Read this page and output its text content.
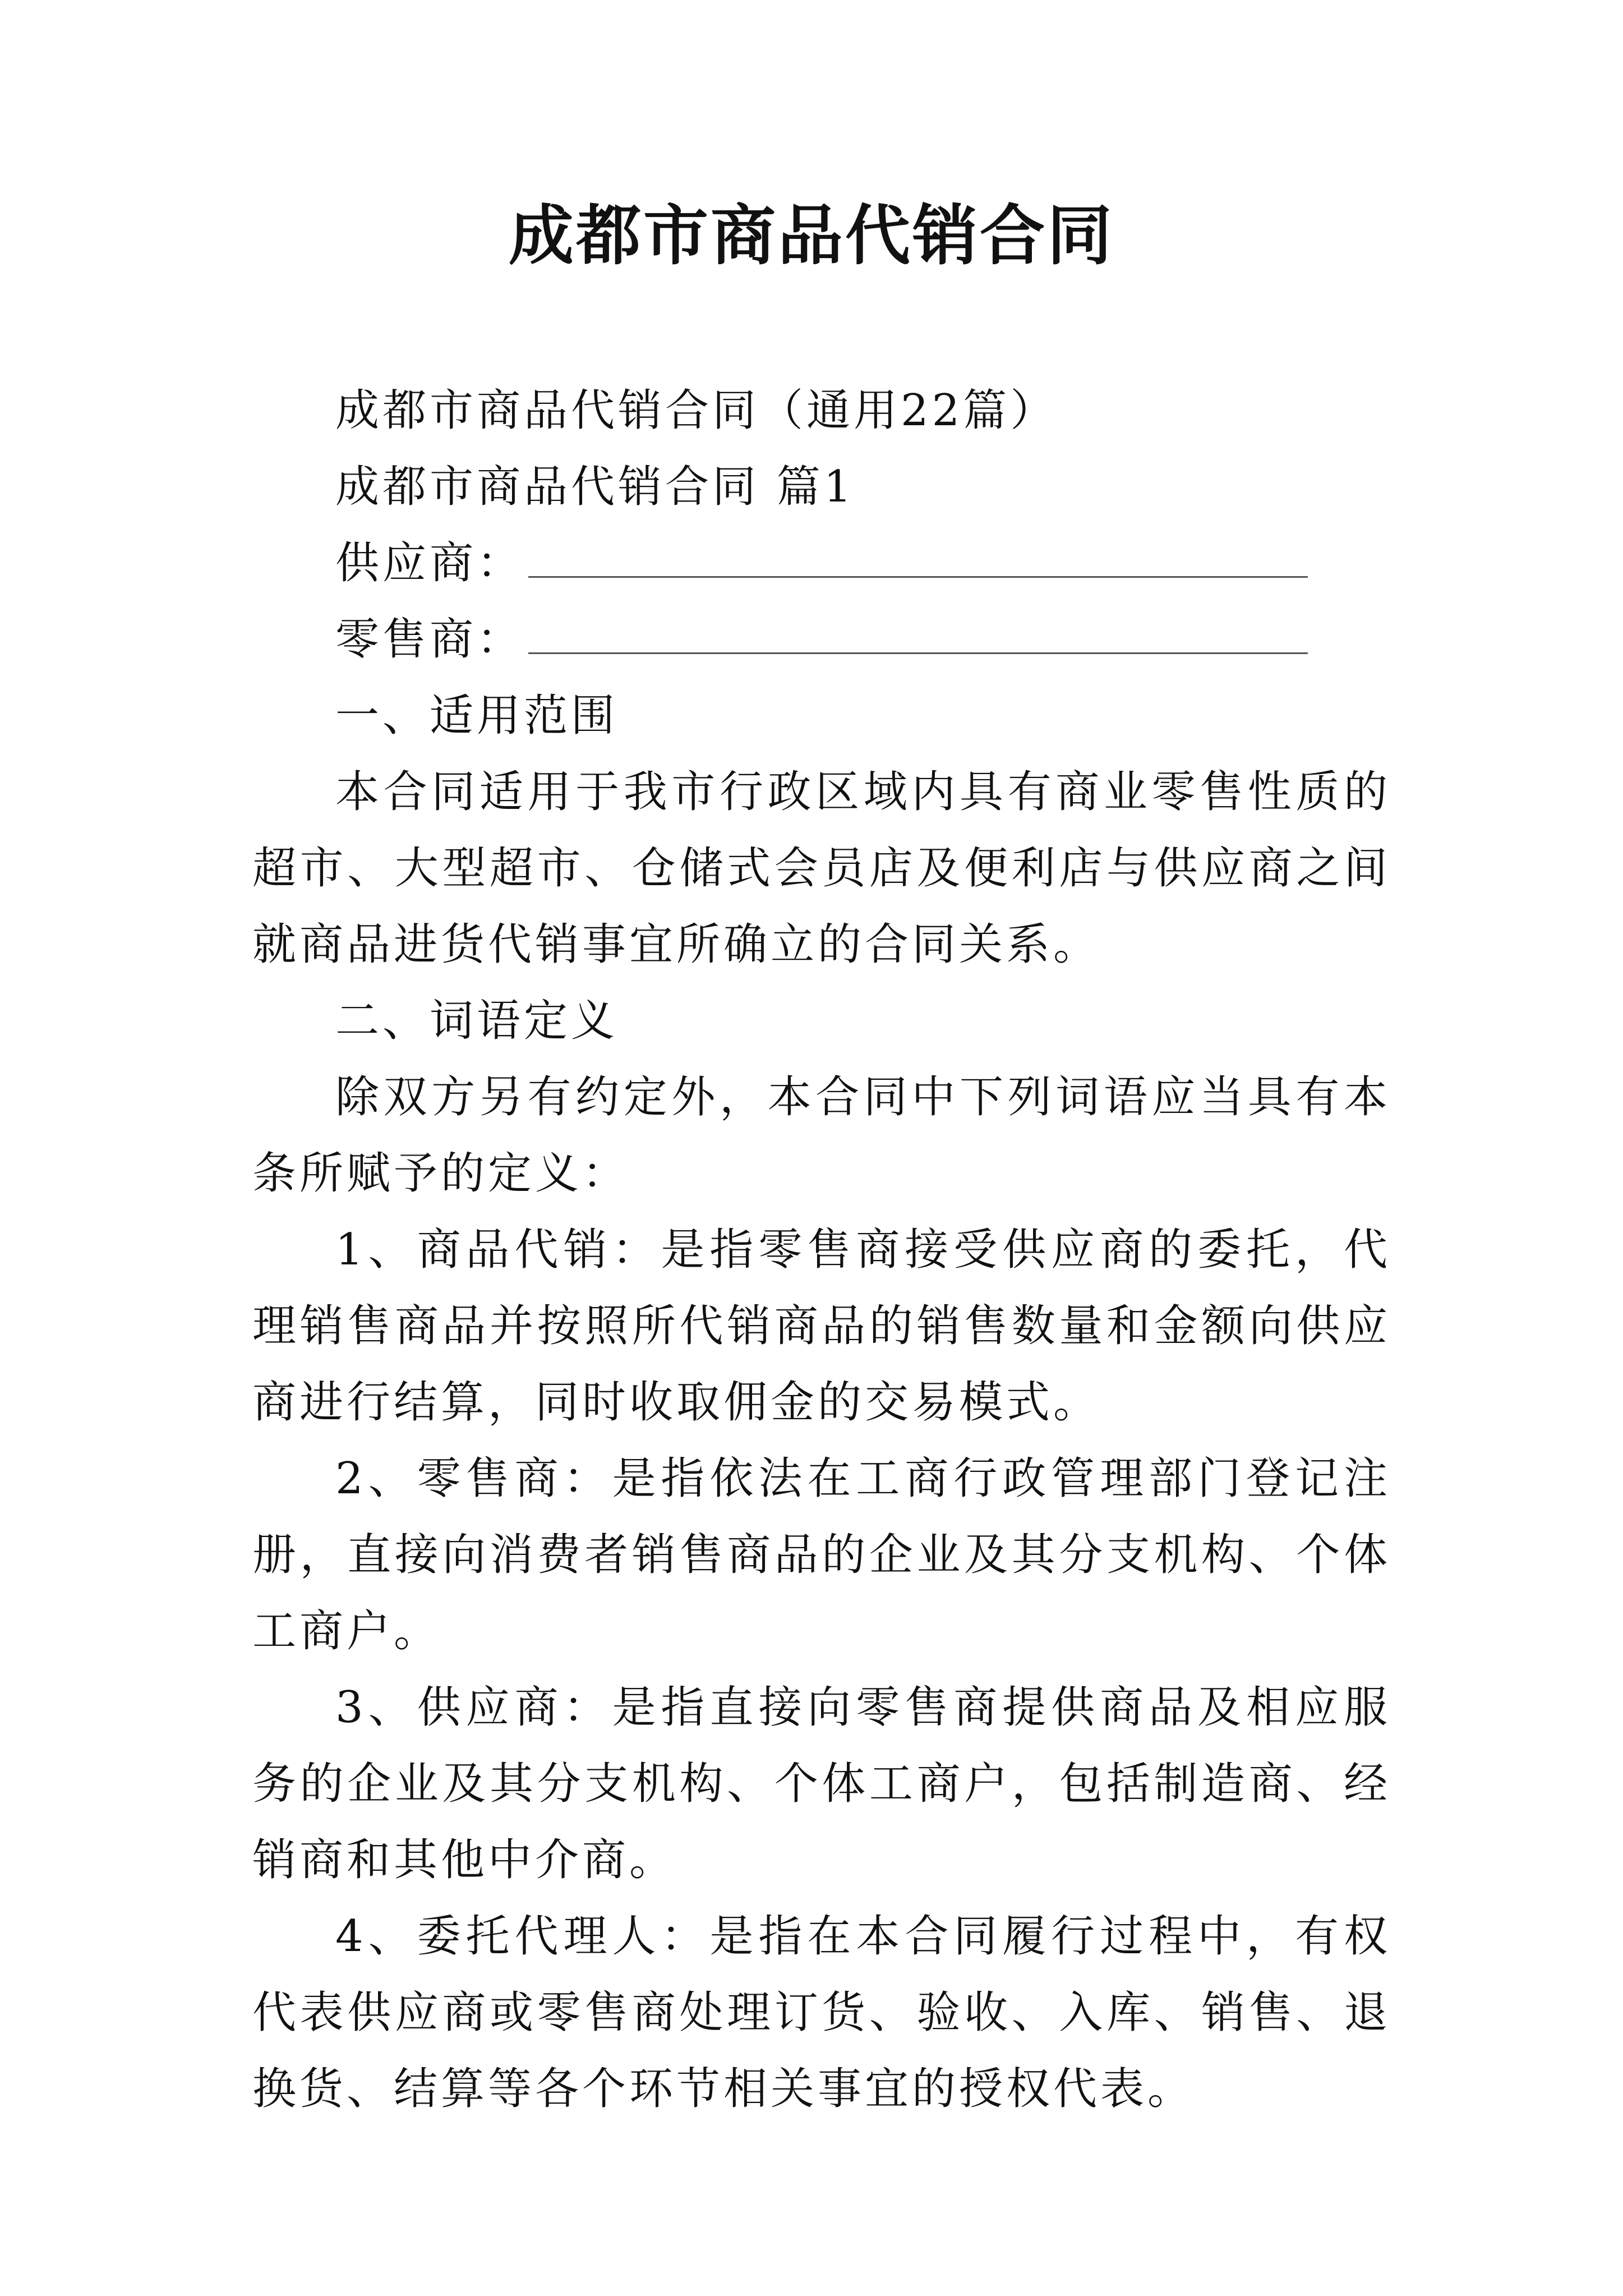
成都市商品代销合同

成都市商品代销合同（通用22篇）

成都市商品代销合同 篇1

供应商：
零售商：

一、适用范围

本合同适用于我市行政区域内具有商业零售性质的超市、大型超市、仓储式会员店及便利店与供应商之间就商品进货代销事宜所确立的合同关系。

二、词语定义

除双方另有约定外，本合同中下列词语应当具有本条所赋予的定义：

1、商品代销：是指零售商接受供应商的委托，代理销售商品并按照所代销商品的销售数量和金额向供应商进行结算，同时收取佣金的交易模式。

2、零售商：是指依法在工商行政管理部门登记注册，直接向消费者销售商品的企业及其分支机构、个体工商户。

3、供应商：是指直接向零售商提供商品及相应服务的企业及其分支机构、个体工商户，包括制造商、经销商和其他中介商。

4、委托代理人：是指在本合同履行过程中，有权代表供应商或零售商处理订货、验收、入库、销售、退换货、结算等各个环节相关事宜的授权代表。
